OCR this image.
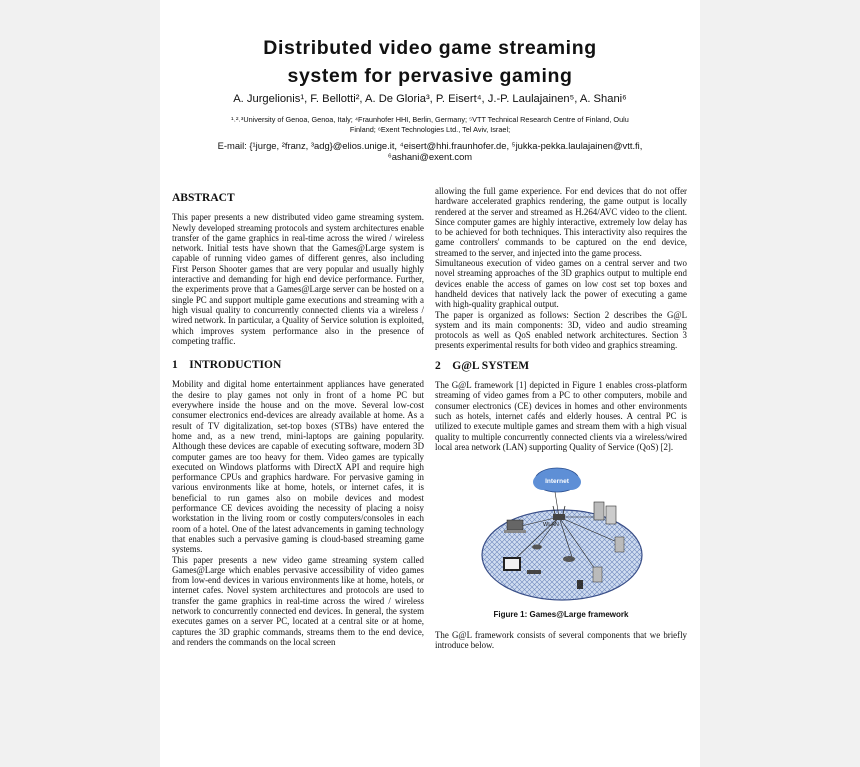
Distributed video game streaming
system for pervasive gaming
A. Jurgelionis¹, F. Bellotti², A. De Gloria³, P. Eisert⁴, J.-P. Laulajainen⁵, A. Shani⁶
¹˒²˒³University of Genoa, Genoa, Italy; ⁴Fraunhofer HHI, Berlin, Germany; ⁵VTT Technical Research Centre of Finland, Oulu
Finland; ⁶Exent Technologies Ltd., Tel Aviv, Israel;
E-mail: {¹jurge, ²franz, ³adg}@elios.unige.it, ⁴eisert@hhi.fraunhofer.de, ⁵jukka-pekka.laulajainen@vtt.fi,
⁶ashani@exent.com
ABSTRACT

This paper presents a new distributed video game streaming system. Newly developed streaming protocols and system architectures enable transfer of the game graphics in real-time across the wired / wireless network. Initial tests have shown that the Games@Large system is capable of running video games of different genres, also including First Person Shooter games that are very popular and usually highly interactive and demanding for high end device performance. Further, the experiments prove that a Games@Large server can be hosted on a single PC and support multiple game executions and streaming with a high visual quality to concurrently connected clients via a wireless / wired network. In particular, a Quality of Service solution is exploited, which improves system performance also in the presence of competing traffic.

1    INTRODUCTION

Mobility and digital home entertainment appliances have generated the desire to play games not only in front of a home PC but everywhere inside the house and on the move. Several low-cost consumer electronics end-devices are already available at home. As a result of TV digitalization, set-top boxes (STBs) have entered the home and, as a new trend, mini-laptops are gaining popularity. Although these devices are capable of executing software, modern 3D computer games are too heavy for them. Video games are typically executed on Windows platforms with DirectX API and require high performance CPUs and graphics hardware. For pervasive gaming in various environments like at home, hotels, or internet cafes, it is beneficial to run games also on mobile devices and modest performance CE devices avoiding the necessity of placing a noisy workstation in the living room or costly computers/consoles in each room of a hotel. One of the latest advancements in gaming technology that enables such a pervasive gaming is cloud-based streaming game systems.

This paper presents a new video game streaming system called Games@Large which enables pervasive accessibility of video games from low-end devices in various environments like at home, hotels, or internet cafes. Novel system architectures and protocols are used to transfer the game graphics in real-time across the wired / wireless network to concurrently connected end devices. In general, the system executes games on a server PC, located at a central site or at home, captures the 3D graphic commands, streams them to the end device, and renders the commands on the local screen

allowing the full game experience. For end devices that do not offer hardware accelerated graphics rendering, the game output is locally rendered at the server and streamed as H.264/AVC video to the client. Since computer games are highly interactive, extremely low delay has to be achieved for both techniques. This interactivity also requires the game controllers' commands to be captured on the end device, streamed to the server, and injected into the game process.

Simultaneous execution of video games on a central server and two novel streaming approaches of the 3D graphics output to multiple end devices enable the access of games on low cost set top boxes and handheld devices that natively lack the power of executing a game with high-quality graphical output.

The paper is organized as follows: Section 2 describes the G@L system and its main components: 3D, video and audio streaming protocols as well as QoS enabled network architectures. Section 3 presents experimental results for both video and graphics streaming.

2    G@L SYSTEM

The G@L framework [1] depicted in Figure 1 enables cross-platform streaming of video games from a PC to other computers, mobile and consumer electronics (CE) devices in homes and other environments such as hotels, internet cafés and elderly houses. A central PC is utilized to execute multiple games and stream them with a high visual quality to multiple concurrently connected clients via a wireless/wired local area network (LAN) supporting Quality of Service (QoS) [2].

Internet
WLAN
Figure 1: Games@Large framework

The G@L framework consists of several components that we briefly introduce below.
